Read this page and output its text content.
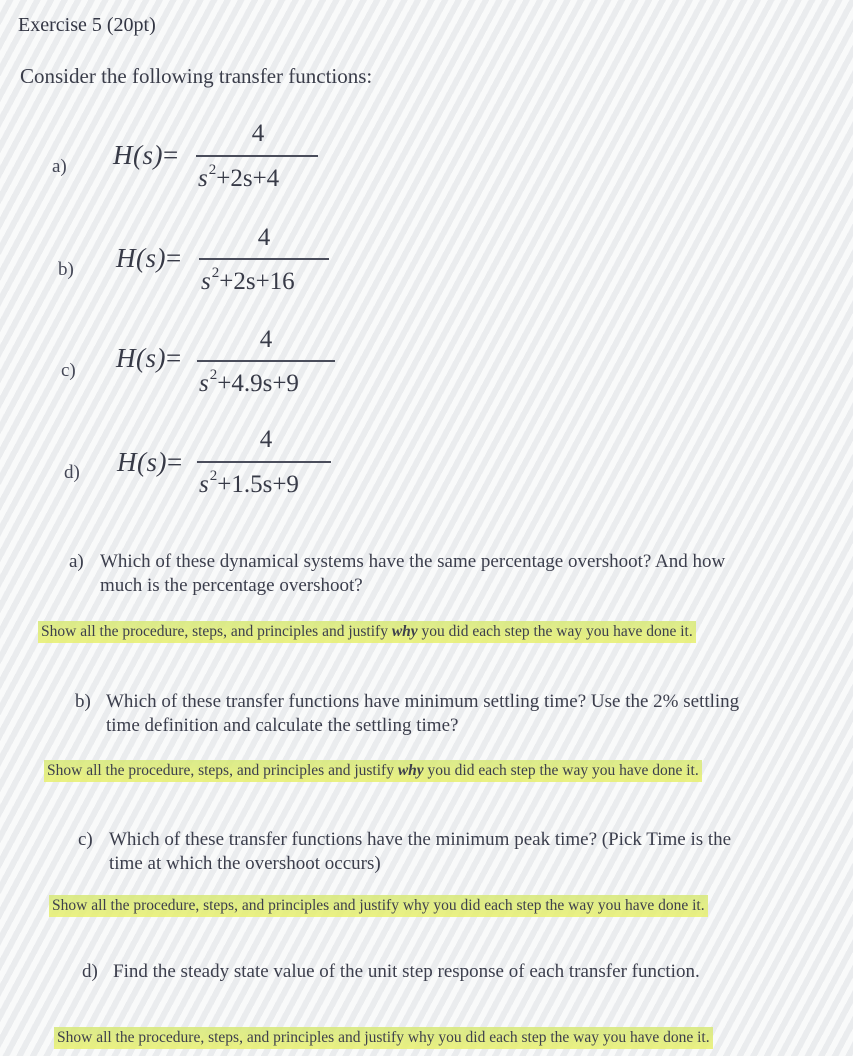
Exercise 5 (20pt)
Consider the following transfer functions:
a) H(s)=
4
$s^2+2s+4$
b) H(s)=
4
$s^2+2s+16$
c) H(s)=
4
$s^2+4.9s+9$
d) H(s)=
4
$s^2+1.5s+9$
a) Which of these dynamical systems have the same percentage overshoot? And how
much is the percentage overshoot?
Show all the procedure, steps, and principles and justify why you did each step the way you have done it.
b) Which of these transfer functions have minimum settling time? Use the 2% settling
time definition and calculate the settling time?
Show all the procedure, steps, and principles and justify why you did each step the way you have done it.
c) Which of these transfer functions have the minimum peak time? (Pick Time is the
time at which the overshoot occurs)
Show all the procedure, steps, and principles and justify why you did each step the way you have done it.
d) Find the steady state value of the unit step response of each transfer function.
Show all the procedure, steps, and principles and justify why you did each step the way you have done it.
